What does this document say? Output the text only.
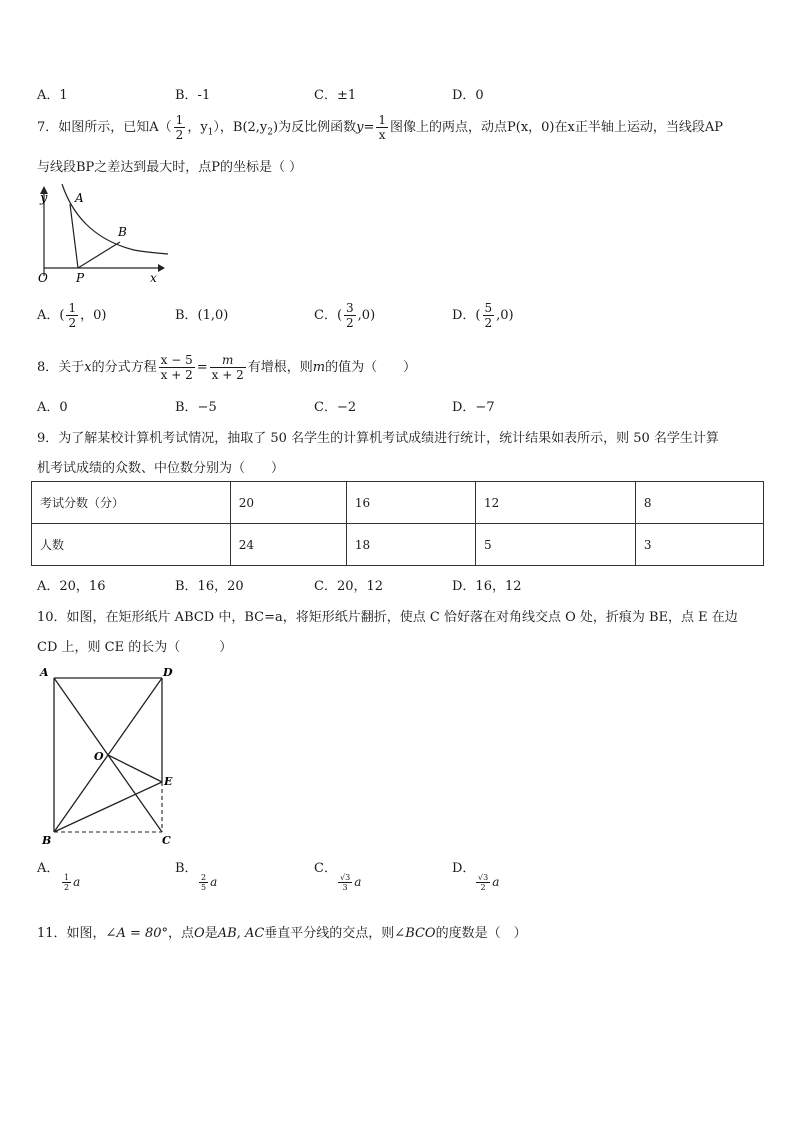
A．1	B．-1	C．±1	D．0
7．如图所示，已知$A( \frac{1}{2}$ ，$y_1$），$B(2,y_2)$为反比例函数$y= \frac{1}{x}$ 图像上的两点，动点P(x，0)在x正半轴上运动，当线段AP
与线段BP之差达到最大时，点P的坐标是（ ）
y A
B
O P	x
A．( $\frac{1}{2}$ ，0)	B．(1,0)	C．( $\frac{3}{2} ,0$)	D．( $\frac{5}{2} ,0$)
8．关于x的分式方程 $\frac{x - 5}{x + 2} = \frac{m}{x + 2}$ 有增根，则m的值为（　　）
A．0	B．−5	C．−2	D．−7
9．为了解某校计算机考试情况，抽取了 50 名学生的计算机考试成绩进行统计，统计结果如表所示，则 50 名学生计算
机考试成绩的众数、中位数分别为（　　）
考试分数（分）	20	16	12	8
人数	24	18	5	3
A．20，16	B．16，20	C．20，12	D．16，12
10．如图，在矩形纸片 ABCD 中，BC=a，将矩形纸片翻折，使点 C 恰好落在对角线交点 O 处，折痕为 BE，点 E 在边
CD 上，则 CE 的长为（　　　）
A	D
O
E
B	C
A．
$\frac{1}{2}$ a
B．
$\frac{2}{5}$ a
C．
$\frac{√3}{3}$ a
D．
$\frac{√3}{2}$ a
11．如图，∠A = 80°，点O是AB, AC垂直平分线的交点，则∠BCO的度数是（　）
